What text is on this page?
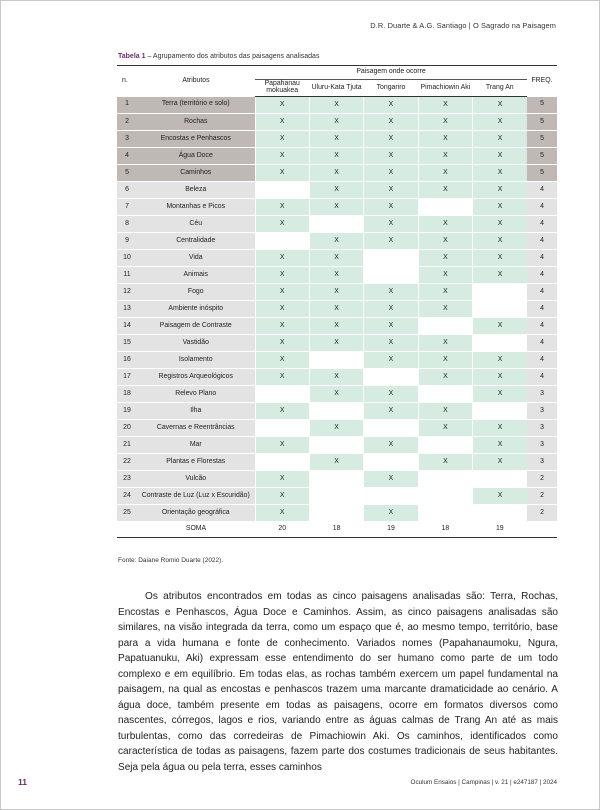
D.R. Duarte & A.G. Santiago | O Sagrado na Paisagem
Tabela 1 – Agrupamento dos atributos das paisagens analisadas
n.	Atributos	Paisagem onde ocorre					FREQ.
		Papahanau mokuakea	Uluru-Kata Tjuta	Tongariro	Pimachiowin Aki	Trang An	
1	Terra (território e solo)	X	X	X	X	X	5
2	Rochas	X	X	X	X	X	5
3	Encostas e Penhascos	X	X	X	X	X	5
4	Água Doce	X	X	X	X	X	5
5	Caminhos	X	X	X	X	X	5
6	Beleza		X	X	X	X	4
7	Montanhas e Picos	X	X	X		X	4
8	Céu	X		X	X	X	4
9	Centralidade		X	X	X	X	4
10	Vida	X	X		X	X	4
11	Animais	X	X		X	X	4
12	Fogo	X	X	X	X		4
13	Ambiente inóspito	X	X	X	X		4
14	Paisagem de Contraste	X	X	X		X	4
15	Vastidão	X	X	X	X		4
16	Isolamento	X		X	X	X	4
17	Registros Arqueológicos	X	X		X	X	4
18	Relevo Plano		X	X		X	3
19	Ilha	X		X	X		3
20	Cavernas e Reentrâncias		X		X	X	3
21	Mar	X		X		X	3
22	Plantas e Florestas		X		X	X	3
23	Vulcão	X		X			2
24	Contraste de Luz (Luz x Escuridão)	X				X	2
25	Orientação geográfica	X		X			2
	SOMA	20	18	19	18	19	
Fonte: Daiane Romio Duarte (2022).

Os atributos encontrados em todas as cinco paisagens analisadas são: Terra, Rochas, Encostas e Penhascos, Água Doce e Caminhos. Assim, as cinco paisagens analisadas são similares, na visão integrada da terra, como um espaço que é, ao mesmo tempo, território, base para a vida humana e fonte de conhecimento. Variados nomes (Papahanaumoku, Ngura, Papatuanuku, Aki) expressam esse entendimento do ser humano como parte de um todo complexo e em equilíbrio. Em todas elas, as rochas também exercem um papel fundamental na paisagem, na qual as encostas e penhascos trazem uma marcante dramaticidade ao cenário. A água doce, também presente em todas as paisagens, ocorre em formatos diversos como nascentes, córregos, lagos e rios, variando entre as águas calmas de Trang An até as mais turbulentas, como das corredeiras de Pimachiowin Aki. Os caminhos, identificados como característica de todas as paisagens, fazem parte dos costumes tradicionais de seus habitantes. Seja pela água ou pela terra, esses caminhos

11	Oculum Ensaios | Campinas | v. 21 | e247187 | 2024
